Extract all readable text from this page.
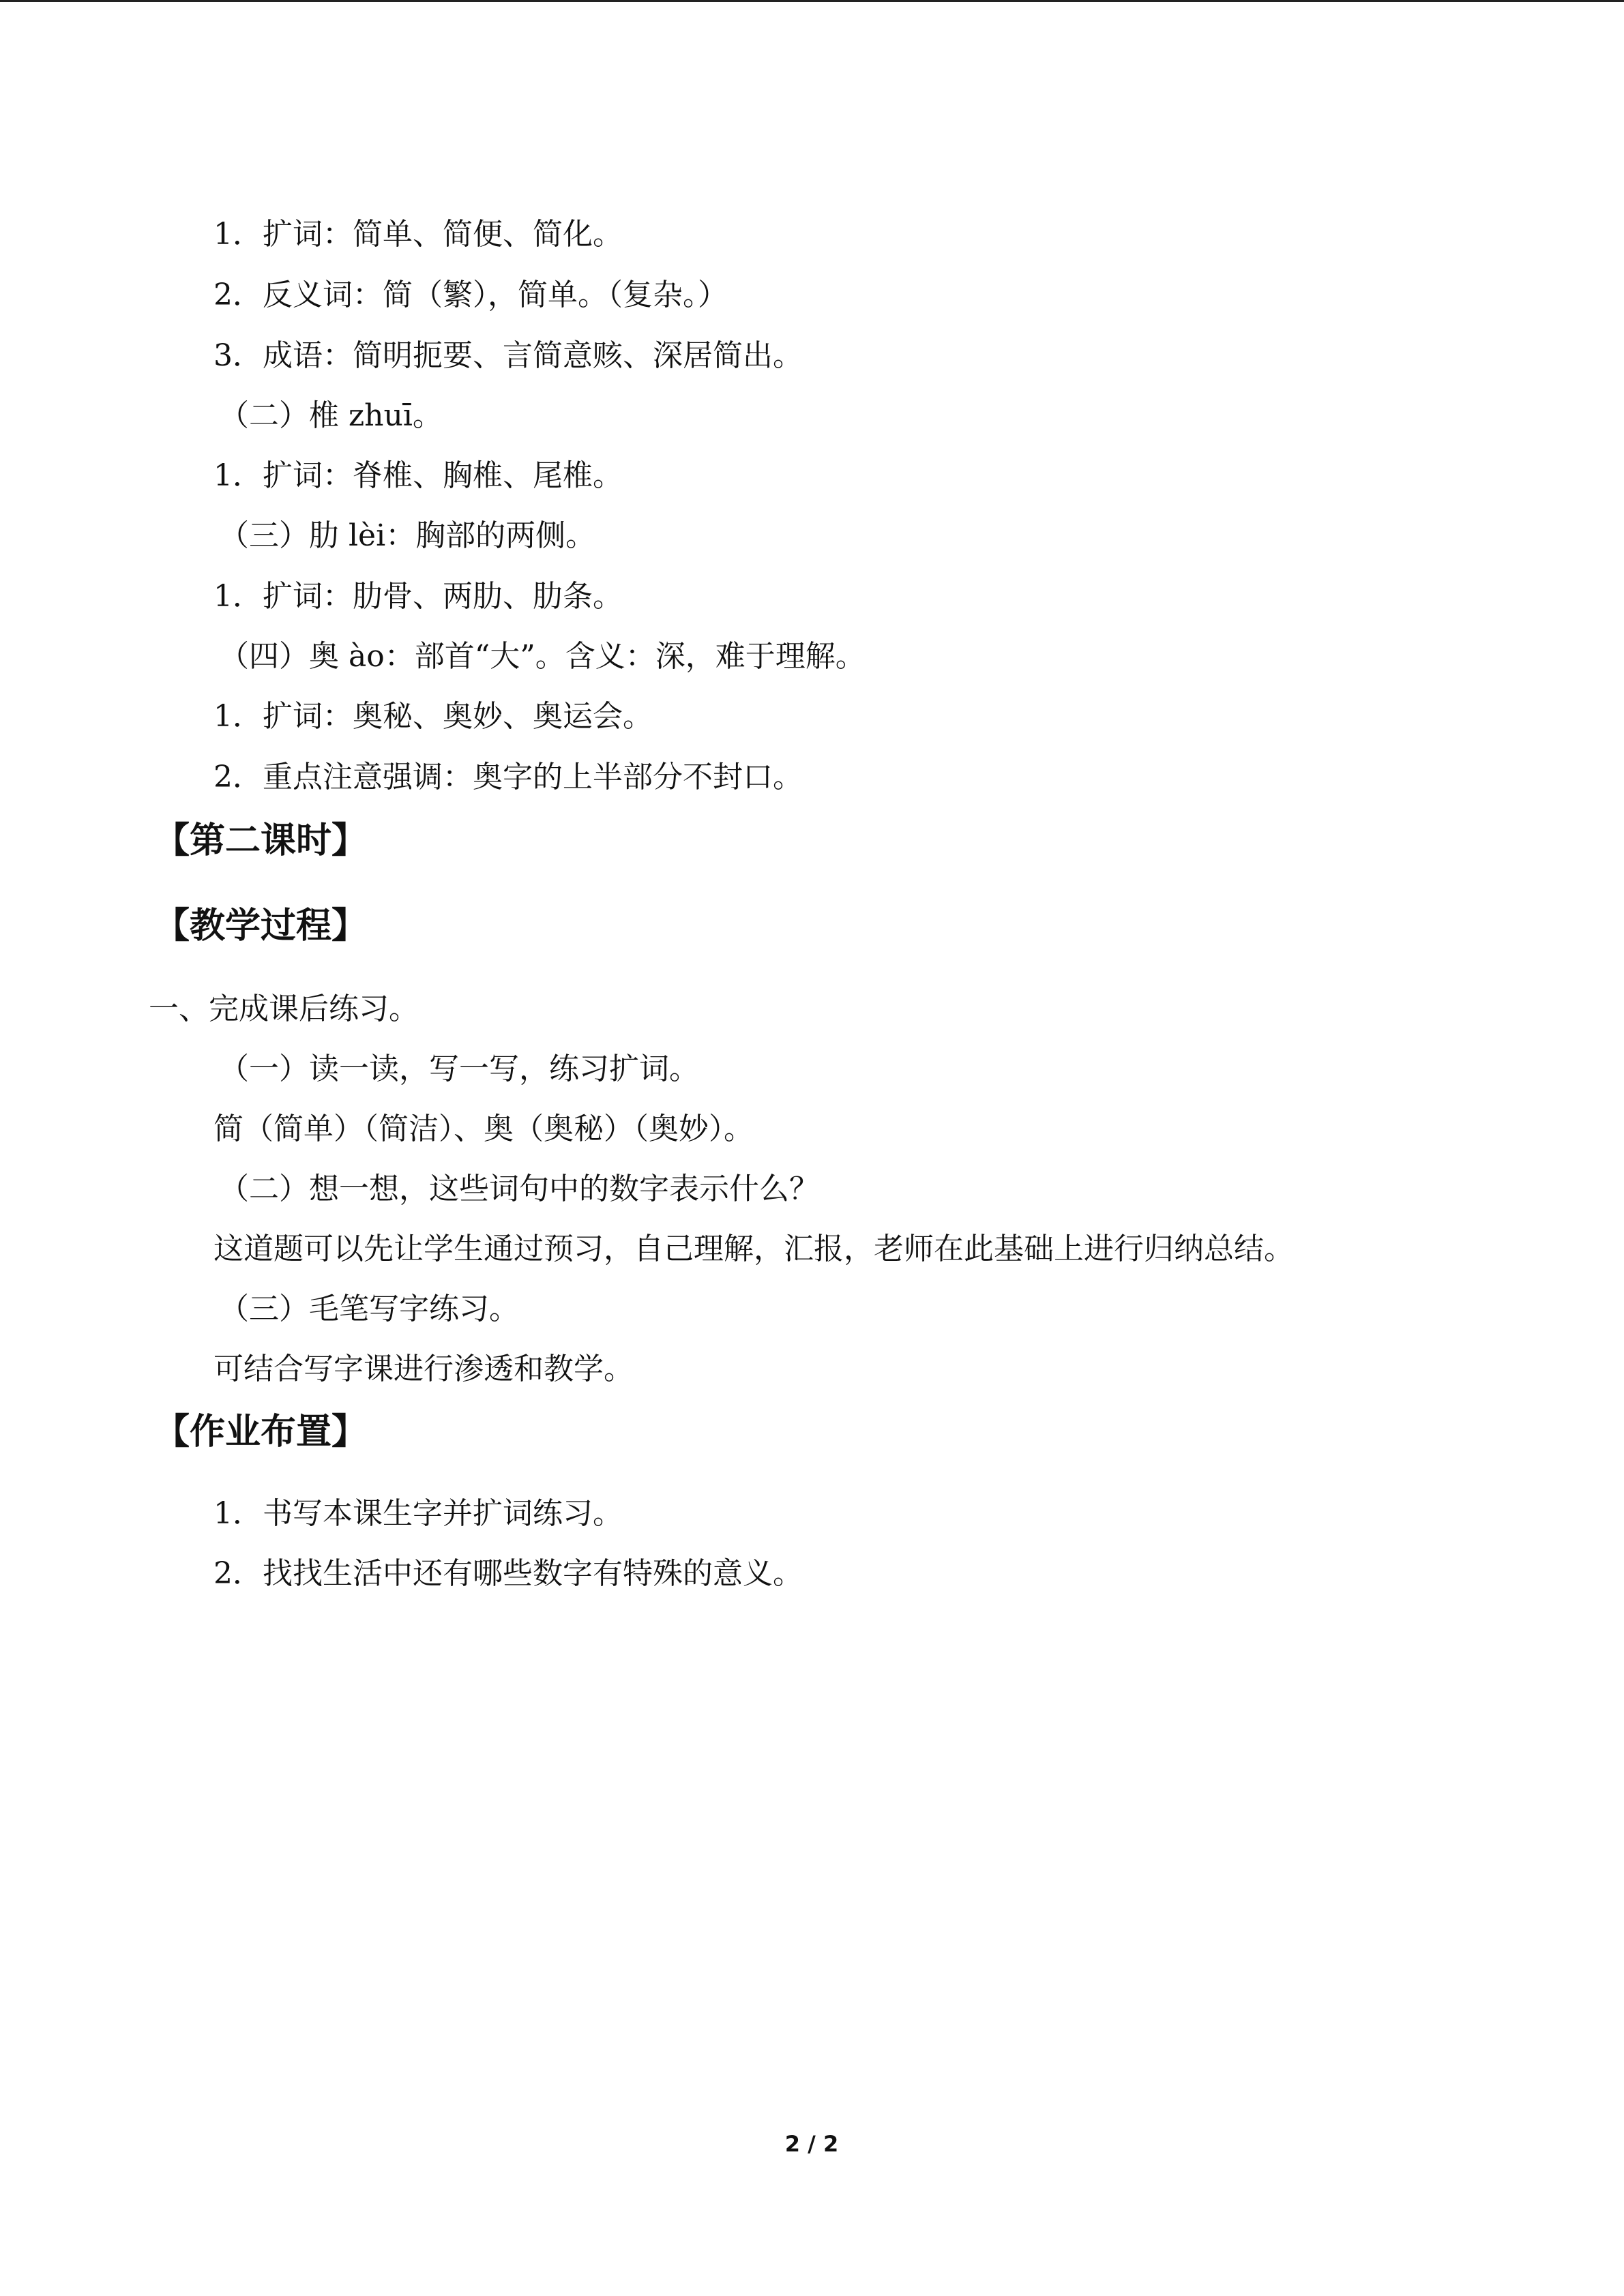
1．扩词：简单、简便、简化。
2．反义词：简（繁），简单。（复杂。）
3．成语：简明扼要、言简意赅、深居简出。
（二）椎 zhuī。
1．扩词：脊椎、胸椎、尾椎。
（三）肋 lèi：胸部的两侧。
1．扩词：肋骨、两肋、肋条。
（四）奥 ào：部首“大”。含义：深，难于理解。
1．扩词：奥秘、奥妙、奥运会。
2．重点注意强调：奥字的上半部分不封口。
【第二课时】
【教学过程】
一、完成课后练习。
（一）读一读，写一写，练习扩词。
简（简单）（简洁）、奥（奥秘）（奥妙）。
（二）想一想，这些词句中的数字表示什么？
这道题可以先让学生通过预习，自己理解，汇报，老师在此基础上进行归纳总结。
（三）毛笔写字练习。
可结合写字课进行渗透和教学。
【作业布置】
1．书写本课生字并扩词练习。
2．找找生活中还有哪些数字有特殊的意义。
2 / 2
